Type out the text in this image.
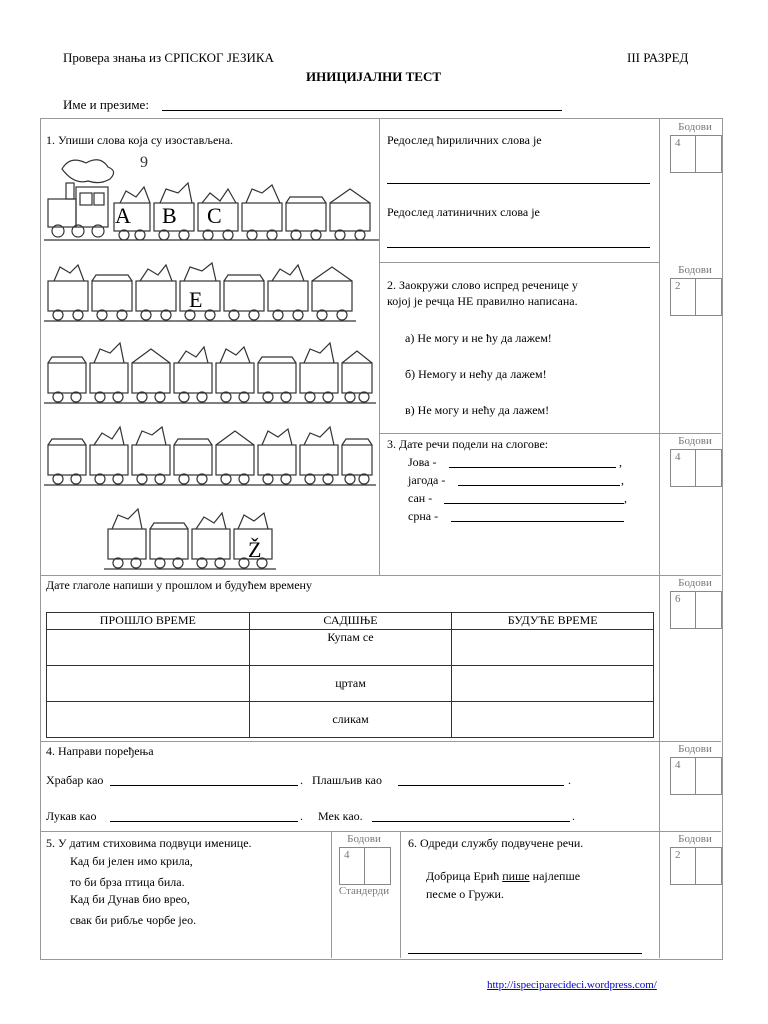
Провера знања из СРПСКОГ ЈЕЗИКА	III РАЗРЕД
ИНИЦИЈАЛНИ ТЕСТ
Име и презиме:
Бодови
4
Бодови
2
Бодови
4
Бодови
6
Бодови
4
Бодови
2
Бодови
4
Стандерди
1. Упиши слова која су изостављена.
9
A B C
E
Ž
Редослед ћириличних слова је
Редослед латиничних слова је
2. Заокружи слово испред реченице у
којој је речца НЕ правилно написана.
а) Не могу и не ћу да лажем!
б) Немогу и нећу да лажем!
в) Не могу и нећу да лажем!
3. Дате речи подели на слогове:
Јова -	,
јагода -	,
сан -	,
срна -
Дате глаголе напиши у прошлом и будућем времену
ПРОШЛО ВРЕМЕ	САДШЊЕ	БУДУЋЕ ВРЕМЕ
	Купам се	
	цртам	
	сликам	
4. Направи поређења
Храбар као	. Плашљив као	.
Лукав као	. Мек као.	.
5. У датим стиховима подвуци именице.
Кад би јелен имо крила,
то би брза птица била.
Кад би Дунав био врео,
свак би рибље чорбе јео.
6. Одреди службу подвучене речи.
Добрица Ерић пише најлепше
песме о Гружи.
http://ispeciparecideci.wordpress.com/
